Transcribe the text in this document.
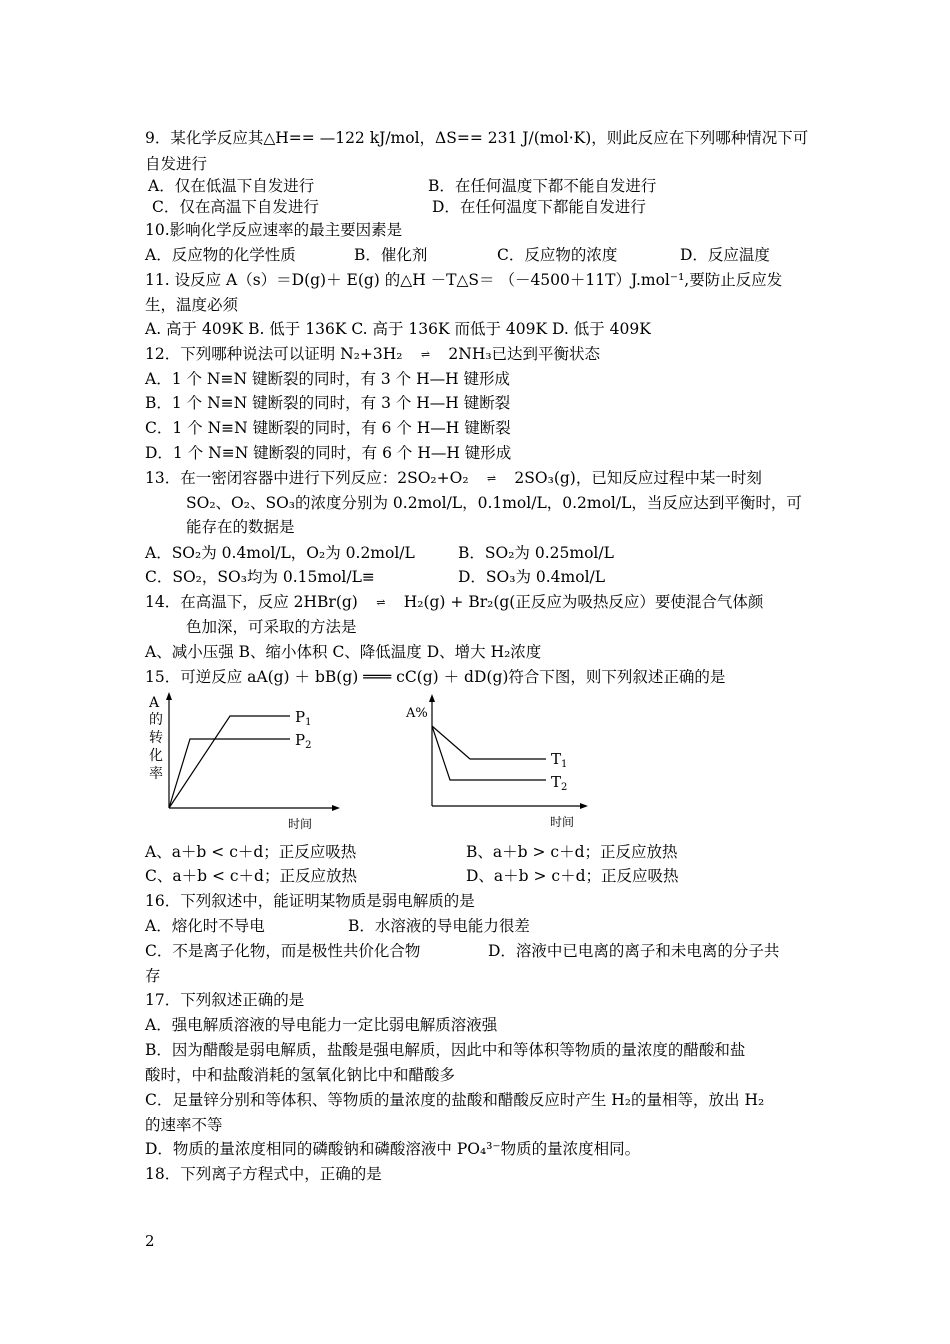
9．某化学反应其△H== —122 kJ/mol，ΔS== 231 J/(mol·K)，则此反应在下列哪种情况下可
自发进行
A．仅在低温下自发进行	B．在任何温度下都不能自发进行
C．仅在高温下自发进行	D．在任何温度下都能自发进行
10.影响化学反应速率的最主要因素是
A．反应物的化学性质	B．催化剂	C．反应物的浓度	D．反应温度
11. 设反应 A（s）＝D(g)＋ E(g) 的△H －T△S＝ （－4500＋11T）J.mol⁻¹,要防止反应发
生，温度必须
A. 高于 409K B. 低于 136K C. 高于 136K 而低于 409K D. 低于 409K
12．下列哪种说法可以证明 N₂+3H₂ ⇌ 2NH₃已达到平衡状态
A．1 个 N≡N 键断裂的同时，有 3 个 H—H 键形成
B．1 个 N≡N 键断裂的同时，有 3 个 H—H 键断裂
C．1 个 N≡N 键断裂的同时，有 6 个 H—H 键断裂
D．1 个 N≡N 键断裂的同时，有 6 个 H—H 键形成
13．在一密闭容器中进行下列反应：2SO₂+O₂ ⇌ 2SO₃(g)，已知反应过程中某一时刻
SO₂、O₂、SO₃的浓度分别为 0.2mol/L，0.1mol/L，0.2mol/L，当反应达到平衡时，可
能存在的数据是
A．SO₂为 0.4mol/L，O₂为 0.2mol/L	B．SO₂为 0.25mol/L
C．SO₂，SO₃均为 0.15mol/L≡	D．SO₃为 0.4mol/L
14．在高温下，反应 2HBr(g) ⇌ H₂(g) + Br₂(g(正反应为吸热反应）要使混合气体颜
色加深，可采取的方法是
A、减小压强 B、缩小体积 C、降低温度 D、增大 H₂浓度
15．可逆反应 aA(g) ＋ bB(g) ═══ cC(g) ＋ dD(g)符合下图，则下列叙述正确的是
A
的
转
化
率
$P_1$
$P_2$
时间
A%
$T_1$
$T_2$
时间
A、a＋b < c＋d；正反应吸热	B、a＋b > c＋d；正反应放热
C、a＋b < c＋d；正反应放热	D、a＋b > c＋d；正反应吸热
16．下列叙述中，能证明某物质是弱电解质的是
A．熔化时不导电	B．水溶液的导电能力很差
C．不是离子化物，而是极性共价化合物	D．溶液中已电离的离子和未电离的分子共
存
17．下列叙述正确的是
A．强电解质溶液的导电能力一定比弱电解质溶液强
B．因为醋酸是弱电解质，盐酸是强电解质，因此中和等体积等物质的量浓度的醋酸和盐
酸时，中和盐酸消耗的氢氧化钠比中和醋酸多
C．足量锌分别和等体积、等物质的量浓度的盐酸和醋酸反应时产生 H₂的量相等，放出 H₂
的速率不等
D．物质的量浓度相同的磷酸钠和磷酸溶液中 PO₄³⁻物质的量浓度相同。
18．下列离子方程式中，正确的是
2
